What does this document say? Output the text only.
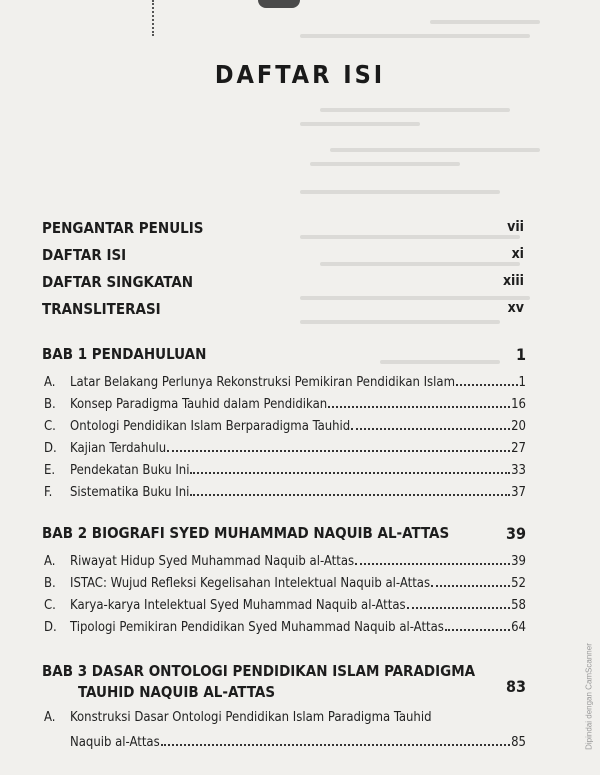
DAFTAR ISI
PENGANTAR PENULIS	vii
DAFTAR ISI	xi
DAFTAR SINGKATAN	xiii
TRANSLITERASI	xv
BAB 1 PENDAHULUAN	1
A.	Latar Belakang Perlunya Rekonstruksi Pemikiran Pendidikan Islam	1
B.	Konsep Paradigma Tauhid dalam Pendidikan	16
C.	Ontologi Pendidikan Islam Berparadigma Tauhid	20
D.	Kajian Terdahulu	27
E.	Pendekatan Buku Ini	33
F.	Sistematika Buku Ini	37
BAB 2 BIOGRAFI SYED MUHAMMAD NAQUIB AL-ATTAS	39
A.	Riwayat Hidup Syed Muhammad Naquib al-Attas	39
B.	ISTAC: Wujud Refleksi Kegelisahan Intelektual Naquib al-Attas	52
C.	Karya-karya Intelektual Syed Muhammad Naquib al-Attas	58
D.	Tipologi Pemikiran Pendidikan Syed Muhammad Naquib al-Attas	64
BAB 3 DASAR ONTOLOGI PENDIDIKAN ISLAM PARADIGMA
TAUHID NAQUIB AL-ATTAS	83
A. Konstruksi Dasar Ontologi Pendidikan Islam Paradigma Tauhid
Naquib al-Attas	85	Dipindai dengan CamScanner
